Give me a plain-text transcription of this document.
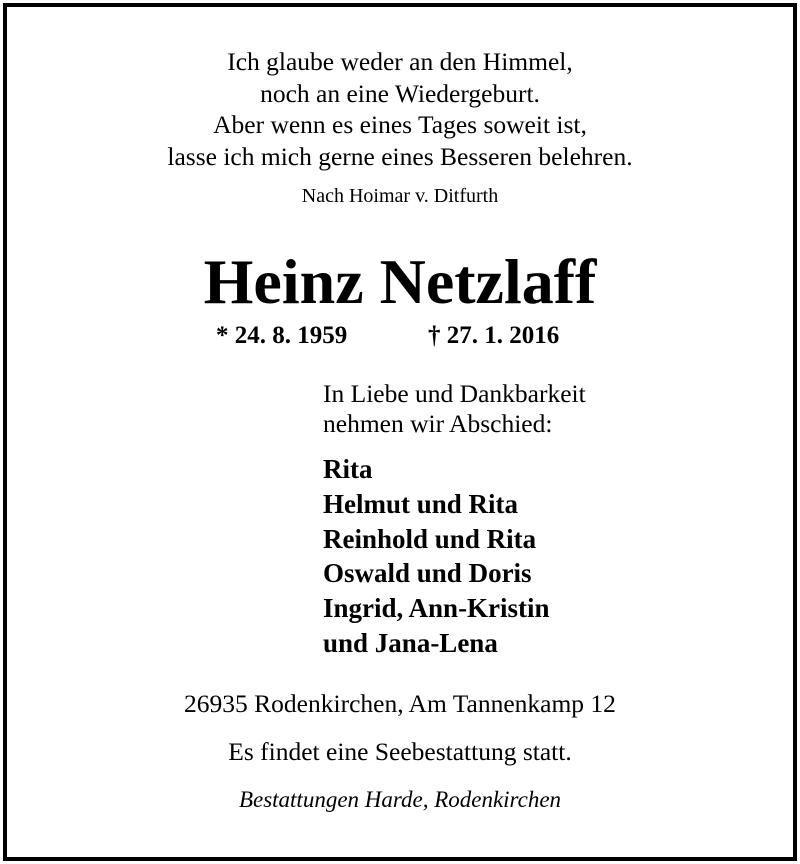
Ich glaube weder an den Himmel,
noch an eine Wiedergeburt.
Aber wenn es eines Tages soweit ist,
lasse ich mich gerne eines Besseren belehren.
Nach Hoimar v. Ditfurth
Heinz Netzlaff
* 24. 8. 1959	† 27. 1. 2016
In Liebe und Dankbarkeit
nehmen wir Abschied:
Rita
Helmut und Rita
Reinhold und Rita
Oswald und Doris
Ingrid, Ann-Kristin
und Jana-Lena
26935 Rodenkirchen, Am Tannenkamp 12
Es findet eine Seebestattung statt.
Bestattungen Harde, Rodenkirchen
